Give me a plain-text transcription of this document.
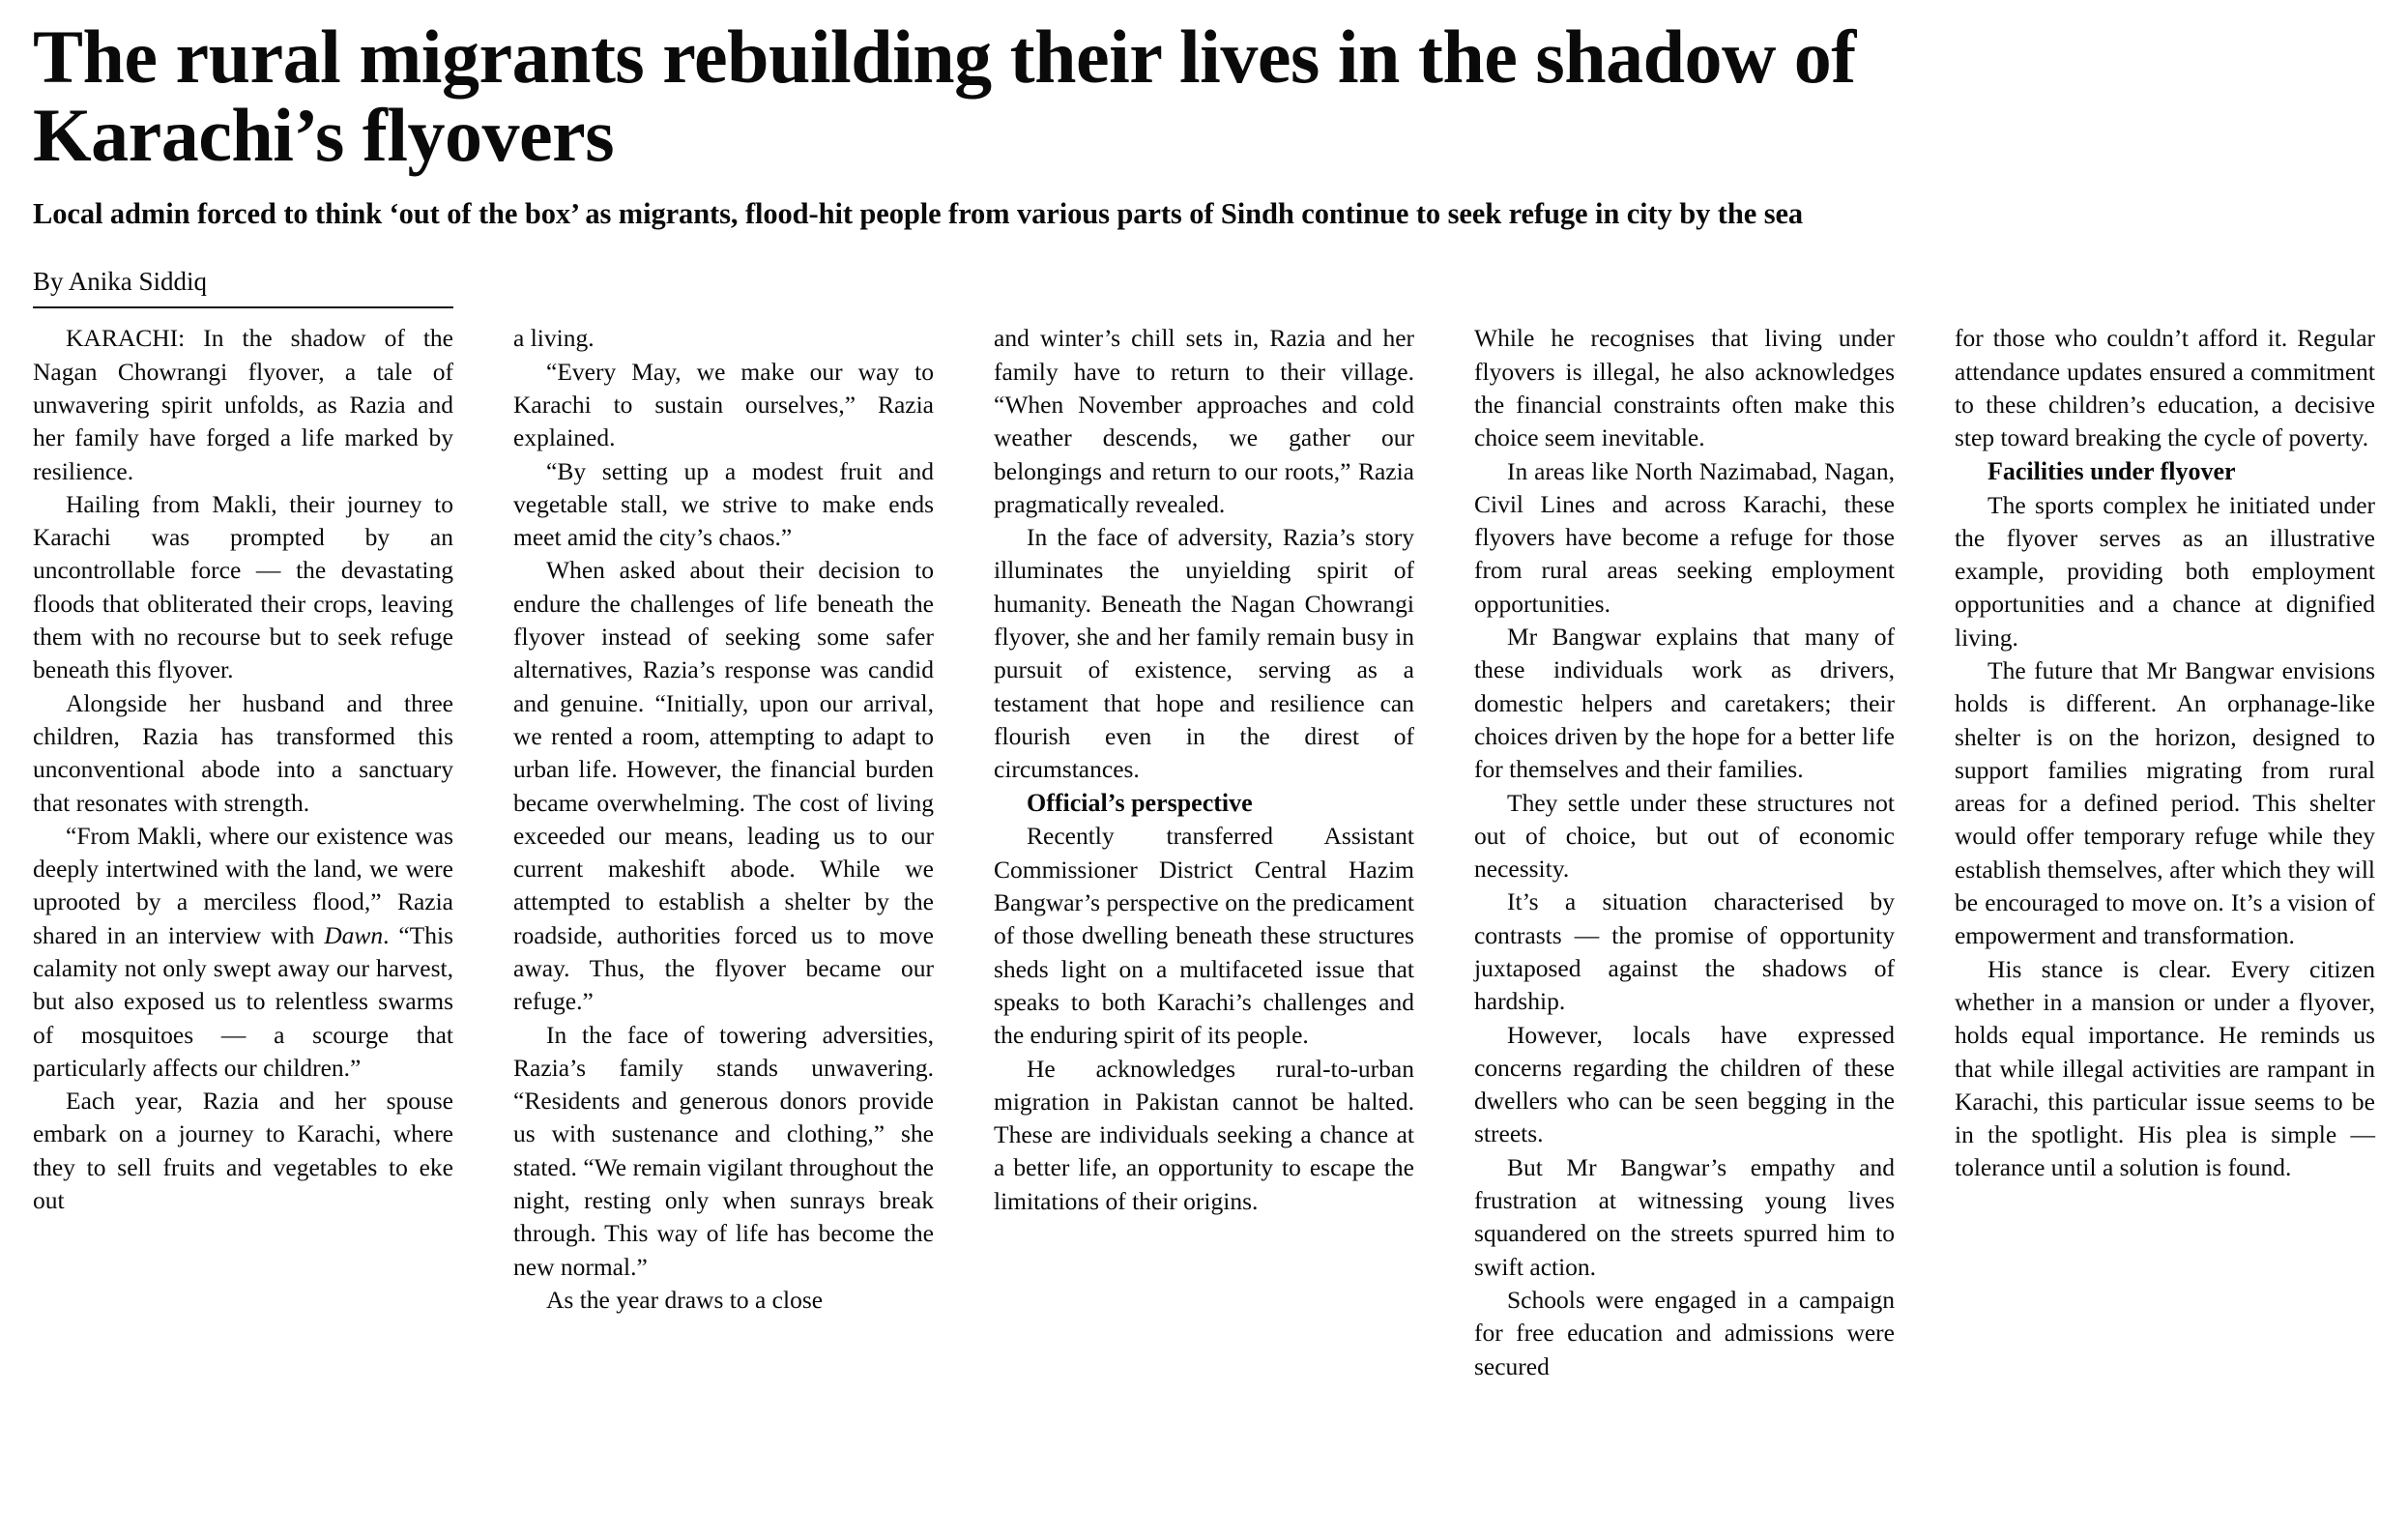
The rural migrants rebuilding their lives in the shadow of Karachi’s flyovers
Local admin forced to think ‘out of the box’ as migrants, flood-hit people from various parts of Sindh continue to seek refuge in city by the sea
By Anika Siddiq

KARACHI: In the shadow of the Nagan Chowrangi flyover, a tale of unwavering spirit unfolds, as Razia and her family have forged a life marked by resilience.

Hailing from Makli, their journey to Karachi was prompted by an uncontrollable force — the devastating floods that obliterated their crops, leaving them with no recourse but to seek refuge beneath this flyover.

Alongside her husband and three children, Razia has transformed this unconventional abode into a sanctuary that resonates with strength.

“From Makli, where our existence was deeply intertwined with the land, we were uprooted by a merciless flood,” Razia shared in an interview with Dawn. “This calamity not only swept away our harvest, but also exposed us to relentless swarms of mosquitoes — a scourge that particularly affects our children.”

Each year, Razia and her spouse embark on a journey to Karachi, where they to sell fruits and vegetables to eke out

a living.

“Every May, we make our way to Karachi to sustain ourselves,” Razia explained.

“By setting up a modest fruit and vegetable stall, we strive to make ends meet amid the city’s chaos.”

When asked about their decision to endure the challenges of life beneath the flyover instead of seeking some safer alternatives, Razia’s response was candid and genuine. “Initially, upon our arrival, we rented a room, attempting to adapt to urban life. However, the financial burden became overwhelming. The cost of living exceeded our means, leading us to our current makeshift abode. While we attempted to establish a shelter by the roadside, authorities forced us to move away. Thus, the flyover became our refuge.”

In the face of towering adversities, Razia’s family stands unwavering. “Residents and generous donors provide us with sustenance and clothing,” she stated. “We remain vigilant throughout the night, resting only when sunrays break through. This way of life has become the new normal.”

As the year draws to a close

and winter’s chill sets in, Razia and her family have to return to their village. “When November approaches and cold weather descends, we gather our belongings and return to our roots,” Razia pragmatically revealed.

In the face of adversity, Razia’s story illuminates the unyielding spirit of humanity. Beneath the Nagan Chowrangi flyover, she and her family remain busy in pursuit of existence, serving as a testament that hope and resilience can flourish even in the direst of circumstances.

Official’s perspective

Recently transferred Assistant Commissioner District Central Hazim Bangwar’s perspective on the predicament of those dwelling beneath these structures sheds light on a multifaceted issue that speaks to both Karachi’s challenges and the enduring spirit of its people.

He acknowledges rural-to-urban migration in Pakistan cannot be halted. These are individuals seeking a chance at a better life, an opportunity to escape the limitations of their origins.

While he recognises that living under flyovers is illegal, he also acknowledges the financial constraints often make this choice seem inevitable.

In areas like North Nazimabad, Nagan, Civil Lines and across Karachi, these flyovers have become a refuge for those from rural areas seeking employment opportunities.

Mr Bangwar explains that many of these individuals work as drivers, domestic helpers and caretakers; their choices driven by the hope for a better life for themselves and their families.

They settle under these structures not out of choice, but out of economic necessity.

It’s a situation characterised by contrasts — the promise of opportunity juxtaposed against the shadows of hardship.

However, locals have expressed concerns regarding the children of these dwellers who can be seen begging in the streets.

But Mr Bangwar’s empathy and frustration at witnessing young lives squandered on the streets spurred him to swift action.

Schools were engaged in a campaign for free education and admissions were secured

for those who couldn’t afford it. Regular attendance updates ensured a commitment to these children’s education, a decisive step toward breaking the cycle of poverty.

Facilities under flyover

The sports complex he initiated under the flyover serves as an illustrative example, providing both employment opportunities and a chance at dignified living.

The future that Mr Bangwar envisions holds is different. An orphanage-like shelter is on the horizon, designed to support families migrating from rural areas for a defined period. This shelter would offer temporary refuge while they establish themselves, after which they will be encouraged to move on. It’s a vision of empowerment and transformation.

His stance is clear. Every citizen whether in a mansion or under a flyover, holds equal importance. He reminds us that while illegal activities are rampant in Karachi, this particular issue seems to be in the spotlight. His plea is simple — tolerance until a solution is found.
